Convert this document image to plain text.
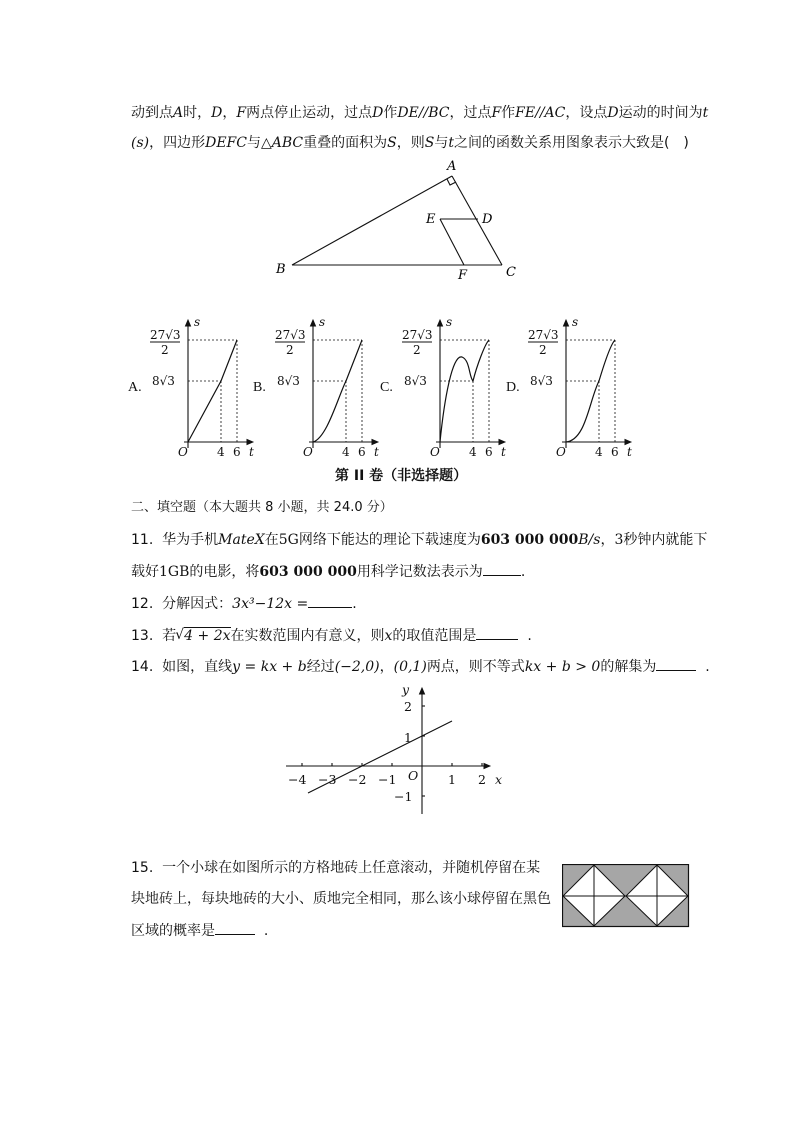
动到点A时，D，F两点停止运动，过点D作DE//BC，过点F作FE//AC，设点D运动的时间为t
(s)，四边形DEFC与△ABC重叠的面积为S，则S与t之间的函数关系用图象表示大致是(　)
A
B	C
D
E
F
A.
s
t
O 4 6
27√3
2
8√3	B.
s
t
O 4 6
27√3
2
8√3	C.
s
t
O 4 6
27√3
2
8√3	D.
s
t
O 4 6
27√3
2
8√3
第 II 卷（非选择题）
二、填空题（本大题共 8 小题，共 24.0 分）
11. 华为手机MateX在5G网络下能达的理论下载速度为603 000 000B/s，3秒钟内就能下
载好1GB的电影，将603 000 000用科学记数法表示为	.
12. 分解因式：3x³−12x =	.
13. 若 √ 4 + 2x在实数范围内有意义，则x的取值范围是	.
14. 如图，直线y = kx + b经过(−2,0)，(0,1)两点，则不等式kx + b > 0的解集为	.
x
y
O
−4 −3 −2 −1	1 2
2
1
−1
15. 一个小球在如图所示的方格地砖上任意滚动，并随机停留在某
块地砖上，每块地砖的大小、质地完全相同，那么该小球停留在黑色
区域的概率是	.
